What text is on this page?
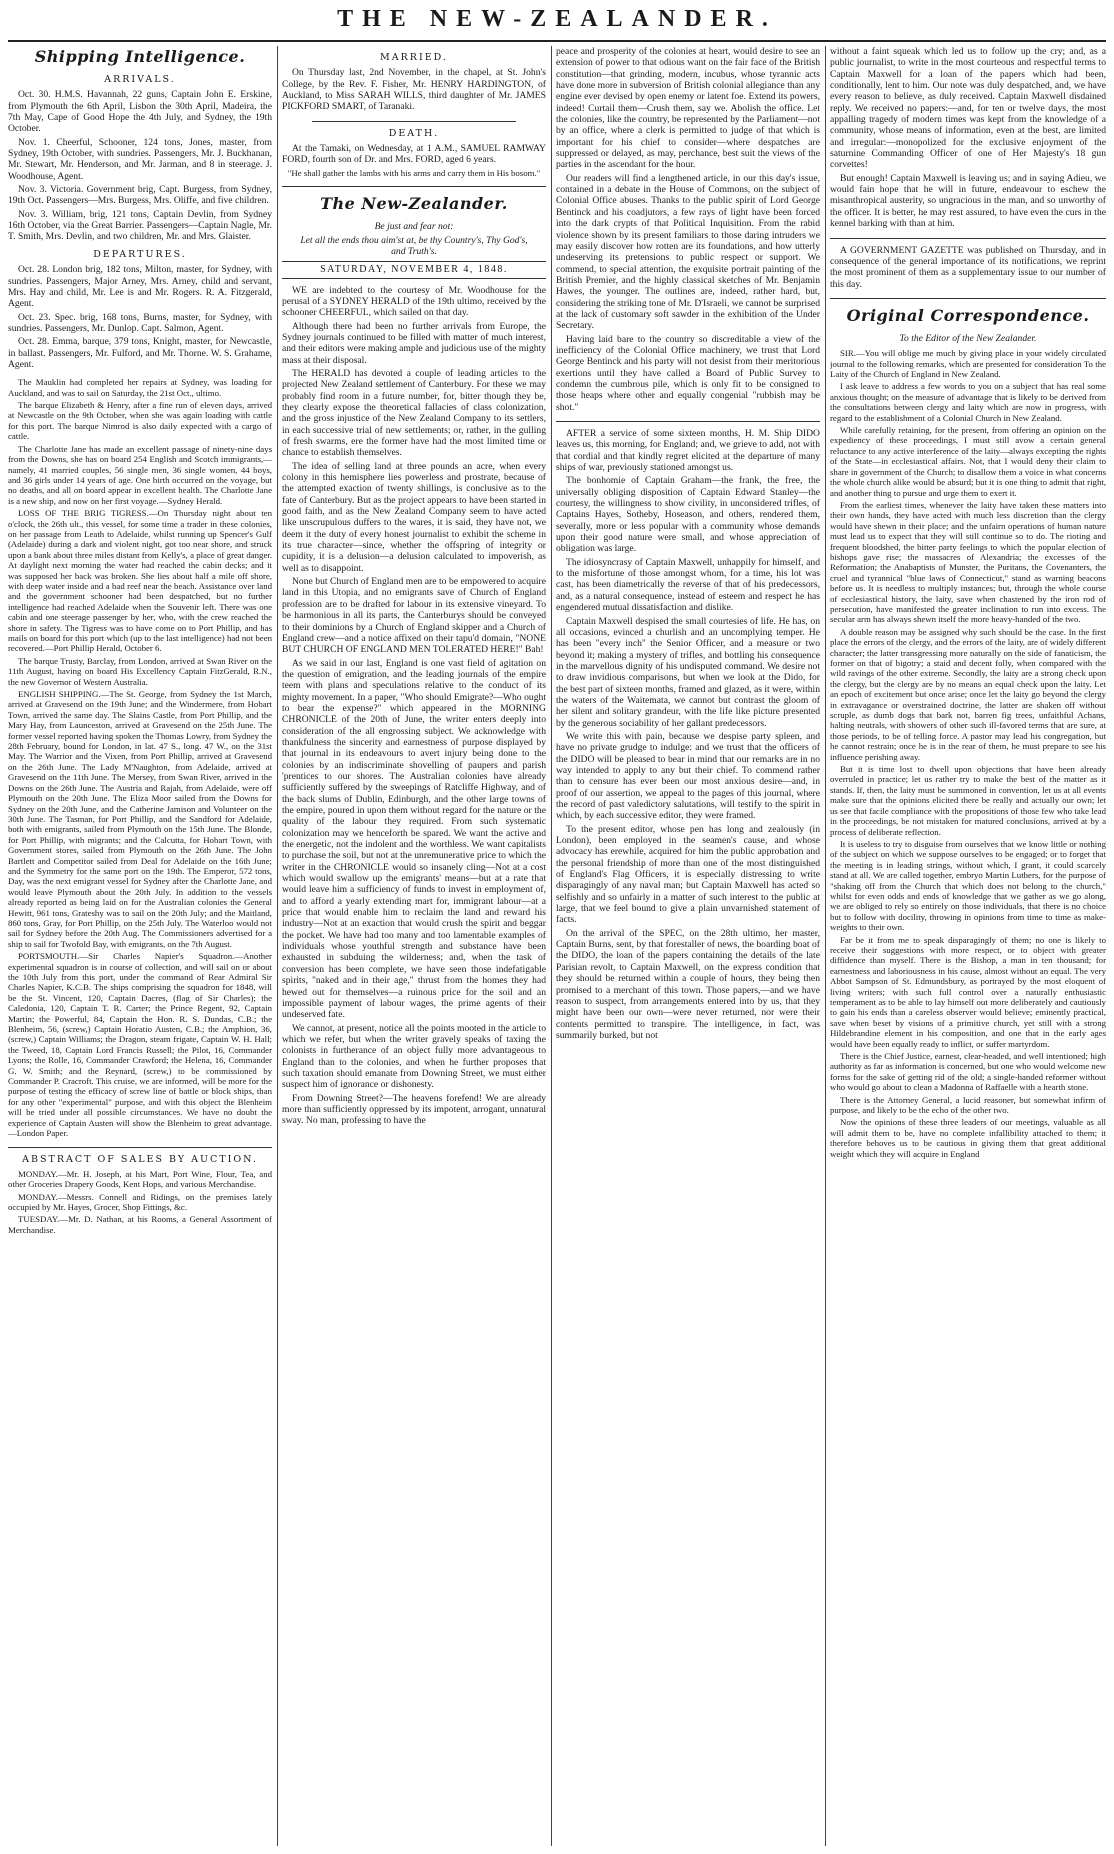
THE NEW-ZEALANDER.
Shipping Intelligence.
ARRIVALS.

Oct. 30. H.M.S. Havannah, 22 guns, Captain John E. Erskine, from Plymouth the 6th April, Lisbon the 30th April, Madeira, the 7th May, Cape of Good Hope the 4th July, and Sydney, the 19th October.

Nov. 1. Cheerful, Schooner, 124 tons, Jones, master, from Sydney, 19th October, with sundries. Passengers, Mr. J. Buckhanan, Mr. Stewart, Mr. Henderson, and Mr. Jarman, and 8 in steerage. J. Woodhouse, Agent.

Nov. 3. Victoria. Government brig, Capt. Burgess, from Sydney, 19th Oct. Passengers—Mrs. Burgess, Mrs. Oliffe, and five children.

Nov. 3. William, brig, 121 tons, Captain Devlin, from Sydney 16th October, via the Great Barrier. Passengers—Captain Nagle, Mr. T. Smith, Mrs. Devlin, and two children, Mr. and Mrs. Glaister.

DEPARTURES.

Oct. 28. London brig, 182 tons, Milton, master, for Sydney, with sundries. Passengers, Major Arney, Mrs. Arney, child and servant, Mrs. Hay and child, Mr. Lee is and Mr. Rogers. R. A. Fitzgerald, Agent.

Oct. 23. Spec. brig, 168 tons, Burns, master, for Sydney, with sundries. Passengers, Mr. Dunlop. Capt. Salmon, Agent.

Oct. 28. Emma, barque, 379 tons, Knight, master, for Newcastle, in ballast. Passengers, Mr. Fulford, and Mr. Thorne. W. S. Grahame, Agent.

The Mauklin had completed her repairs at Sydney, was loading for Auckland, and was to sail on Saturday, the 21st Oct., ultimo.

The barque Elizabeth & Henry, after a fine run of eleven days, arrived at Newcastle on the 9th October, when she was again loading with cattle for this port. The barque Nimrod is also daily expected with a cargo of cattle.

The Charlotte Jane has made an excellent passage of ninety-nine days from the Downs, she has on board 254 English and Scotch immigrants,—namely, 41 married couples, 56 single men, 36 single women, 44 boys, and 36 girls under 14 years of age. One birth occurred on the voyage, but no deaths, and all on board appear in excellent health. The Charlotte Jane is a new ship, and now on her first voyage.—Sydney Herald.

LOSS OF THE BRIG TIGRESS.—On Thursday night about ten o'clock, the 26th ult., this vessel, for some time a trader in these colonies, on her passage from Leath to Adelaide, whilst running up Spencer's Gulf (Adelaide) during a dark and violent night, got too near shore, and struck upon a bank about three miles distant from Kelly's, a place of great danger. At daylight next morning the water had reached the cabin decks; and it was supposed her back was broken. She lies about half a mile off shore, with deep water inside and a bad reef near the beach. Assistance over land and the government schooner had been despatched, but no further intelligence had reached Adelaide when the Souvenir left. There was one cabin and one steerage passenger by her, who, with the crew reached the shore in safety. The Tigress was to have come on to Port Phillip, and has mails on board for this port which (up to the last intelligence) had not been recovered.—Port Phillip Herald, October 6.

The barque Trusty, Barclay, from London, arrived at Swan River on the 11th August, having on board His Excellency Captain FitzGerald, R.N., the new Governor of Western Australia.

ENGLISH SHIPPING.—The St. George, from Sydney the 1st March, arrived at Gravesend on the 19th June; and the Windermere, from Hobart Town, arrived the same day. The Slains Castle, from Port Phillip, and the Mary Hay, from Launceston, arrived at Gravesend on the 25th June. The former vessel reported having spoken the Thomas Lowry, from Sydney the 28th February, bound for London, in lat. 47 S., long. 47 W., on the 31st May. The Warrior and the Vixen, from Port Phillip, arrived at Gravesend on the 26th June. The Lady M'Naughton, from Adelaide, arrived at Gravesend on the 11th June. The Mersey, from Swan River, arrived in the Downs on the 26th June. The Austria and Rajah, from Adelaide, were off Plymouth on the 20th June. The Eliza Moor sailed from the Downs for Sydney on the 20th June, and the Catherine Jamison and Volunteer on the 30th June. The Tasman, for Port Phillip, and the Sandford for Adelaide, both with emigrants, sailed from Plymouth on the 15th June. The Blonde, for Port Phillip, with migrants; and the Calcutta, for Hobart Town, with Government stores, sailed from Plymouth on the 26th June. The John Bartlett and Competitor sailed from Deal for Adelaide on the 16th June; and the Symmetry for the same port on the 19th. The Emperor, 572 tons, Day, was the next emigrant vessel for Sydney after the Charlotte Jane, and would leave Plymouth about the 20th July. In addition to the vessels already reported as being laid on for the Australian colonies the General Hewitt, 961 tons, Grateshy was to sail on the 20th July; and the Maitland, 860 tons, Gray, for Port Phillip, on the 25th July. The Waterloo would not sail for Sydney before the 20th Aug. The Commissioners advertised for a ship to sail for Twofold Bay, with emigrants, on the 7th August.

PORTSMOUTH.—Sir Charles Napier's Squadron.—Another experimental squadron is in course of collection, and will sail on or about the 10th July from this port, under the command of Rear Admiral Sir Charles Napier, K.C.B. The ships comprising the squadron for 1848, will be the St. Vincent, 120, Captain Dacres, (flag of Sir Charles); the Caledonia, 120, Captain T. R. Carter; the Prince Regent, 92, Captain Martin; the Powerful, 84, Captain the Hon. R. S. Dundas, C.B.; the Blenheim, 56, (screw,) Captain Horatio Austen, C.B.; the Amphion, 36, (screw,) Captain Williams; the Dragon, steam frigate, Captain W. H. Hall; the Tweed, 18, Captain Lord Francis Russell; the Pilot, 16, Commander Lyons; the Rolle, 16, Commander Crawford; the Helena, 16, Commander G. W. Smith; and the Reynard, (screw,) to be commissioned by Commander P. Cracroft. This cruise, we are informed, will be more for the purpose of testing the efficacy of screw line of battle or block ships, than for any other "experimental" purpose, and with this object the Blenheim will be tried under all possible circumstances. We have no doubt the experience of Captain Austen will show the Blenheim to great advantage.—London Paper.

ABSTRACT OF SALES BY AUCTION.

MONDAY.—Mr. H. Joseph, at his Mart, Port Wine, Flour, Tea, and other Groceries Drapery Goods, Kent Hops, and various Merchandise.

MONDAY.—Messrs. Connell and Ridings, on the premises lately occupied by Mr. Hayes, Grocer, Shop Fittings, &c.

TUESDAY.—Mr. D. Nathan, at his Rooms, a General Assortment of Merchandise.

MARRIED.

On Thursday last, 2nd November, in the chapel, at St. John's College, by the Rev. F. Fisher, Mr. HENRY HARDINGTON, of Auckland, to Miss SARAH WILLS, third daughter of Mr. JAMES PICKFORD SMART, of Taranaki.

DEATH.

At the Tamaki, on Wednesday, at 1 A.M., SAMUEL RAMWAY FORD, fourth son of Dr. and Mrs. FORD, aged 6 years.

"He shall gather the lambs with his arms and carry them in His bosom."

The New-Zealander.
Be just and fear not:
Let all the ends thou aim'st at, be thy Country's, Thy God's, and Truth's.
SATURDAY, NOVEMBER 4, 1848.

WE are indebted to the courtesy of Mr. Woodhouse for the perusal of a SYDNEY HERALD of the 19th ultimo, received by the schooner CHEERFUL, which sailed on that day.

Although there had been no further arrivals from Europe, the Sydney journals continued to be filled with matter of much interest, and their editors were making ample and judicious use of the mighty mass at their disposal.

The HERALD has devoted a couple of leading articles to the projected New Zealand settlement of Canterbury. For these we may probably find room in a future number, for, bitter though they be, they clearly expose the theoretical fallacies of class colonization, and the gross injustice of the New Zealand Company to its settlers, in each successive trial of new settlements; or, rather, in the gulling of fresh swarms, ere the former have had the most limited time or chance to establish themselves.

The idea of selling land at three pounds an acre, when every colony in this hemisphere lies powerless and prostrate, because of the attempted exaction of twenty shillings, is conclusive as to the fate of Canterbury. But as the project appears to have been started in good faith, and as the New Zealand Company seem to have acted like unscrupulous duffers to the wares, it is said, they have not, we deem it the duty of every honest journalist to exhibit the scheme in its true character—since, whether the offspring of integrity or cupidity, it is a delusion—a delusion calculated to impoverish, as well as to disappoint.

None but Church of England men are to be empowered to acquire land in this Utopia, and no emigrants save of Church of England profession are to be drafted for labour in its extensive vineyard. To be harmonious in all its parts, the Canterburys should be conveyed to their dominions by a Church of England skipper and a Church of England crew—and a notice affixed on their tapu'd domain, "NONE BUT CHURCH OF ENGLAND MEN TOLERATED HERE!" Bah!

As we said in our last, England is one vast field of agitation on the question of emigration, and the leading journals of the empire teem with plans and speculations relative to the conduct of its mighty movement. In a paper, "Who should Emigrate?—Who ought to bear the expense?" which appeared in the MORNING CHRONICLE of the 20th of June, the writer enters deeply into consideration of the all engrossing subject. We acknowledge with thankfulness the sincerity and earnestness of purpose displayed by that journal in its endeavours to avert injury being done to the colonies by an indiscriminate shovelling of paupers and parish 'prentices to our shores. The Australian colonies have already sufficiently suffered by the sweepings of Ratcliffe Highway, and of the back slums of Dublin, Edinburgh, and the other large towns of the empire, poured in upon them without regard for the nature or the quality of the labour they required. From such systematic colonization may we henceforth be spared. We want the active and the energetic, not the indolent and the worthless. We want capitalists to purchase the soil, but not at the unremunerative price to which the writer in the CHRONICLE would so insanely cling—Not at a cost which would swallow up the emigrants' means—but at a rate that would leave him a sufficiency of funds to invest in employment of, and to afford a yearly extending mart for, immigrant labour—at a price that would enable him to reclaim the land and reward his industry—Not at an exaction that would crush the spirit and beggar the pocket. We have had too many and too lamentable examples of individuals whose youthful strength and substance have been exhausted in subduing the wilderness; and, when the task of conversion has been complete, we have seen those indefatigable spirits, "naked and in their age," thrust from the homes they had hewed out for themselves—a ruinous price for the soil and an impossible payment of labour wages, the prime agents of their undeserved fate.

We cannot, at present, notice all the points mooted in the article to which we refer, but when the writer gravely speaks of taxing the colonists in furtherance of an object fully more advantageous to England than to the colonies, and when he further proposes that such taxation should emanate from Downing Street, we must either suspect him of ignorance or dishonesty.

From Downing Street?—The heavens forefend! We are already more than sufficiently oppressed by its impotent, arrogant, unnatural sway. No man, professing to have the

peace and prosperity of the colonies at heart, would desire to see an extension of power to that odious want on the fair face of the British constitution—that grinding, modern, incubus, whose tyrannic acts have done more in subversion of British colonial allegiance than any engine ever devised by open enemy or latent foe. Extend its powers, indeed! Curtail them—Crush them, say we. Abolish the office. Let the colonies, like the country, be represented by the Parliament—not by an office, where a clerk is permitted to judge of that which is important for his chief to consider—where despatches are suppressed or delayed, as may, perchance, best suit the views of the parties in the ascendant for the hour.

Our readers will find a lengthened article, in our this day's issue, contained in a debate in the House of Commons, on the subject of Colonial Office abuses. Thanks to the public spirit of Lord George Bentinck and his coadjutors, a few rays of light have been forced into the dark crypts of that Political Inquisition. From the rabid violence shown by its present familiars to those daring intruders we may easily discover how rotten are its foundations, and how utterly undeserving its pretensions to public respect or support. We commend, to special attention, the exquisite portrait painting of the British Premier, and the highly classical sketches of Mr. Benjamin Hawes, the younger. The outlines are, indeed, rather hard, but, considering the striking tone of Mr. D'Israeli, we cannot be surprised at the lack of customary soft sawder in the exhibition of the Under Secretary.

Having laid bare to the country so discreditable a view of the inefficiency of the Colonial Office machinery, we trust that Lord George Bentinck and his party will not desist from their meritorious exertions until they have called a Board of Public Survey to condemn the cumbrous pile, which is only fit to be consigned to those heaps where other and equally congenial "rubbish may be shot."

AFTER a service of some sixteen months, H. M. Ship DIDO leaves us, this morning, for England; and, we grieve to add, not with that cordial and that kindly regret elicited at the departure of many ships of war, previously stationed amongst us.

The bonhomie of Captain Graham—the frank, the free, the universally obliging disposition of Captain Edward Stanley—the courtesy, the willingness to show civility, in unconsidered trifles, of Captains Hayes, Sotheby, Hoseason, and others, rendered them, severally, more or less popular with a community whose demands upon their good nature were small, and whose appreciation of obligation was large.

The idiosyncrasy of Captain Maxwell, unhappily for himself, and to the misfortune of those amongst whom, for a time, his lot was cast, has been diametrically the reverse of that of his predecessors, and, as a natural consequence, instead of esteem and respect he has engendered mutual dissatisfaction and dislike.

Captain Maxwell despised the small courtesies of life. He has, on all occasions, evinced a churlish and an uncomplying temper. He has been "every inch" the Senior Officer, and a measure or two beyond it; making a mystery of trifles, and bottling his consequence in the marvellous dignity of his undisputed command. We desire not to draw invidious comparisons, but when we look at the Dido, for the best part of sixteen months, framed and glazed, as it were, within the waters of the Waitemata, we cannot but contrast the gloom of her silent and solitary grandeur, with the life like picture presented by the generous sociability of her gallant predecessors.

We write this with pain, because we despise party spleen, and have no private grudge to indulge: and we trust that the officers of the DIDO will be pleased to bear in mind that our remarks are in no way intended to apply to any but their chief. To commend rather than to censure has ever been our most anxious desire—and, in proof of our assertion, we appeal to the pages of this journal, where the record of past valedictory salutations, will testify to the spirit in which, by each successive editor, they were framed.

To the present editor, whose pen has long and zealously (in London), been employed in the seamen's cause, and whose advocacy has erewhile, acquired for him the public approbation and the personal friendship of more than one of the most distinguished of England's Flag Officers, it is especially distressing to write disparagingly of any naval man; but Captain Maxwell has acted so selfishly and so unfairly in a matter of such interest to the public at large, that we feel bound to give a plain unvarnished statement of facts.

On the arrival of the SPEC, on the 28th ultimo, her master, Captain Burns, sent, by that forestaller of news, the boarding boat of the DIDO, the loan of the papers containing the details of the late Parisian revolt, to Captain Maxwell, on the express condition that they should be returned within a couple of hours, they being then promised to a merchant of this town. Those papers,—and we have reason to suspect, from arrangements entered into by us, that they might have been our own—were never returned, nor were their contents permitted to transpire. The intelligence, in fact, was summarily burked, but not

without a faint squeak which led us to follow up the cry; and, as a public journalist, to write in the most courteous and respectful terms to Captain Maxwell for a loan of the papers which had been, conditionally, lent to him. Our note was duly despatched, and, we have every reason to believe, as duly received. Captain Maxwell disdained reply. We received no papers:—and, for ten or twelve days, the most appalling tragedy of modern times was kept from the knowledge of a community, whose means of information, even at the best, are limited and irregular:—monopolized for the exclusive enjoyment of the saturnine Commanding Officer of one of Her Majesty's 18 gun corvettes!

But enough! Captain Maxwell is leaving us; and in saying Adieu, we would fain hope that he will in future, endeavour to eschew the misanthropical austerity, so ungracious in the man, and so unworthy of the officer. It is better, he may rest assured, to have even the curs in the kennel barking with than at him.

A GOVERNMENT GAZETTE was published on Thursday, and in consequence of the general importance of its notifications, we reprint the most prominent of them as a supplementary issue to our number of this day.

Original Correspondence.
To the Editor of the New Zealander.

SIR.—You will oblige me much by giving place in your widely circulated journal to the following remarks, which are presented for consideration To the Laity of the Church of England in New Zealand.

I ask leave to address a few words to you on a subject that has real some anxious thought; on the measure of advantage that is likely to be derived from the consultations between clergy and laity which are now in progress, with regard to the establishment of a Colonial Church in New Zealand.

While carefully retaining, for the present, from offering an opinion on the expediency of these proceedings, I must still avow a certain general reluctance to any active interference of the laity—always excepting the rights of the State—in ecclesiastical affairs. Not, that I would deny their claim to share in government of the Church; to disallow them a voice in what concerns the whole church alike would be absurd; but it is one thing to admit that right, and another thing to pursue and urge them to exert it.

From the earliest times, whenever the laity have taken these matters into their own hands, they have acted with much less discretion than the clergy would have shewn in their place; and the unfairn operations of human nature must lead us to expect that they will still continue so to do. The rioting and frequent bloodshed, the bitter party feelings to which the popular election of bishops gave rise; the massacres of Alexandria; the excesses of the Reformation; the Anabaptists of Munster, the Puritans, the Covenanters, the cruel and tyrannical "blue laws of Connecticut," stand as warning beacons before us. It is needless to multiply instances; but, through the whole course of ecclesiastical history, the laity, save when chastened by the iron rod of persecution, have manifested the greater inclination to run into excess. The secular arm has always shewn itself the more heavy-handed of the two.

A double reason may be assigned why such should be the case. In the first place the errors of the clergy, and the errors of the laity, are of widely different character; the latter transgressing more naturally on the side of fanaticism, the former on that of bigotry; a staid and decent folly, when compared with the wild ravings of the other extreme. Secondly, the laity are a strong check upon the clergy, but the clergy are by no means an equal check upon the laity. Let an epoch of excitement but once arise; once let the laity go beyond the clergy in extravagance or overstrained doctrine, the latter are shaken off without scruple, as dumb dogs that bark not, barren fig trees, unfaithful Achans, halting neutrals, with showers of other such ill-favored terms that are sure, at those periods, to be of telling force. A pastor may lead his congregation, but he cannot restrain; once he is in the rear of them, he must prepare to see his influence perishing away.

But it is time lost to dwell upon objections that have been already overruled in practice; let us rather try to make the best of the matter as it stands. If, then, the laity must be summoned in convention, let us at all events make sure that the opinions elicited there be really and actually our own; let us see that facile compliance with the propositions of those few who take lead in the proceedings, be not mistaken for matured conclusions, arrived at by a process of deliberate reflection.

It is useless to try to disguise from ourselves that we know little or nothing of the subject on which we suppose ourselves to be engaged; or to forget that the meeting is in leading strings, without which, I grant, it could scarcely stand at all. We are called together, embryo Martin Luthers, for the purpose of "shaking off from the Church that which does not belong to the church," whilst for even odds and ends of knowledge that we gather as we go along, we are obliged to rely so entirely on those individuals, that there is no choice but to follow with docility, throwing in opinions from time to time as make-weights to their own.

Far be it from me to speak disparagingly of them; no one is likely to receive their suggestions with more respect, or to object with greater diffidence than myself. There is the Bishop, a man in ten thousand; for earnestness and laboriousness in his cause, almost without an equal. The very Abbot Sampson of St. Edmundsbury, as portrayed by the most eloquent of living writers; with such full control over a naturally enthusiastic temperament as to be able to lay himself out more deliberately and cautiously to gain his ends than a careless observer would believe; eminently practical, save when beset by visions of a primitive church, yet still with a strong Hildebrandine element in his composition, and one that in the early ages would have been equally ready to inflict, or suffer martyrdom.

There is the Chief Justice, earnest, clear-headed, and well intentioned; high authority as far as information is concerned, but one who would welcome new forms for the sake of getting rid of the old; a single-handed reformer without who would go about to clean a Madonna of Raffaelle with a hearth stone.

There is the Attorney General, a lucid reasoner, but somewhat infirm of purpose, and likely to be the echo of the other two.

Now the opinions of these three leaders of our meetings, valuable as all will admit them to be, have no complete infallibility attached to them; it therefore behoves us to be cautious in giving them that great additional weight which they will acquire in England
